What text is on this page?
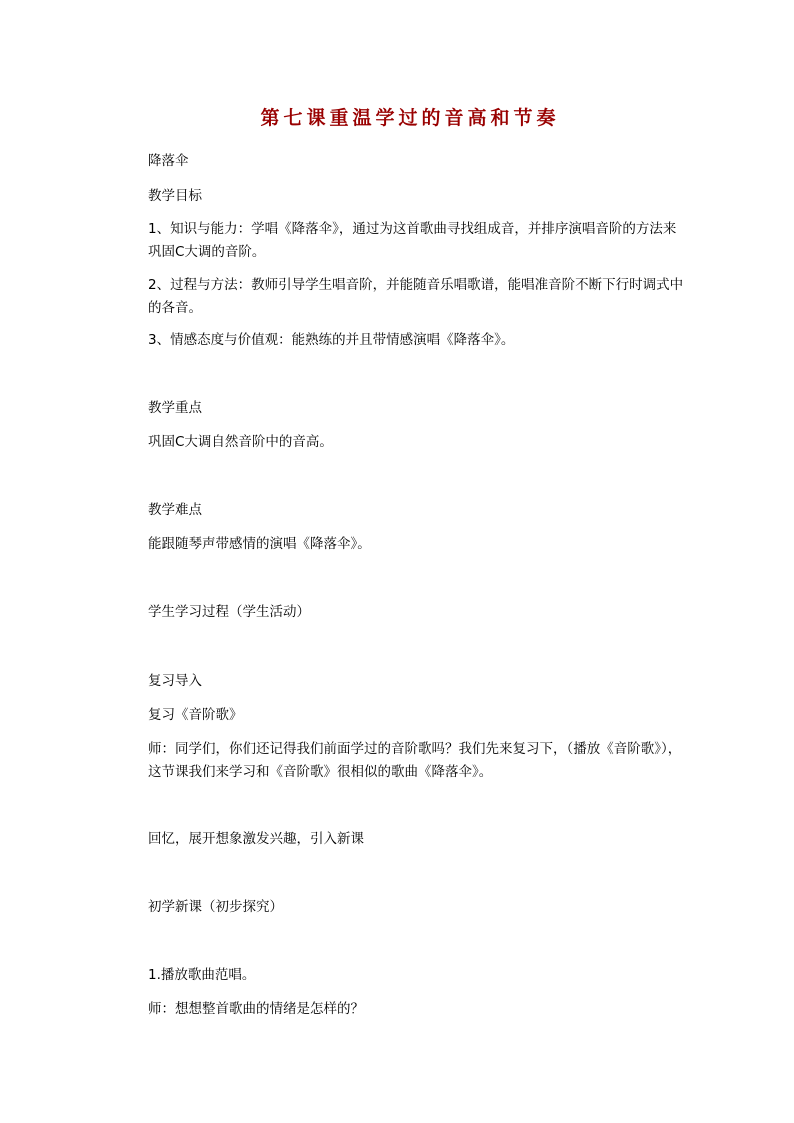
第七课重温学过的音高和节奏
降落伞
教学目标
1、知识与能力：学唱《降落伞》，通过为这首歌曲寻找组成音，并排序演唱音阶的方法来巩固C大调的音阶。
2、过程与方法：教师引导学生唱音阶，并能随音乐唱歌谱，能唱准音阶不断下行时调式中的各音。
3、情感态度与价值观：能熟练的并且带情感演唱《降落伞》。
教学重点
巩固C大调自然音阶中的音高。
教学难点
能跟随琴声带感情的演唱《降落伞》。
学生学习过程（学生活动）
复习导入
复习《音阶歌》
师：同学们，你们还记得我们前面学过的音阶歌吗？我们先来复习下，（播放《音阶歌》），这节课我们来学习和《音阶歌》很相似的歌曲《降落伞》。
回忆，展开想象激发兴趣，引入新课
初学新课（初步探究）
1.播放歌曲范唱。
师：想想整首歌曲的情绪是怎样的？
